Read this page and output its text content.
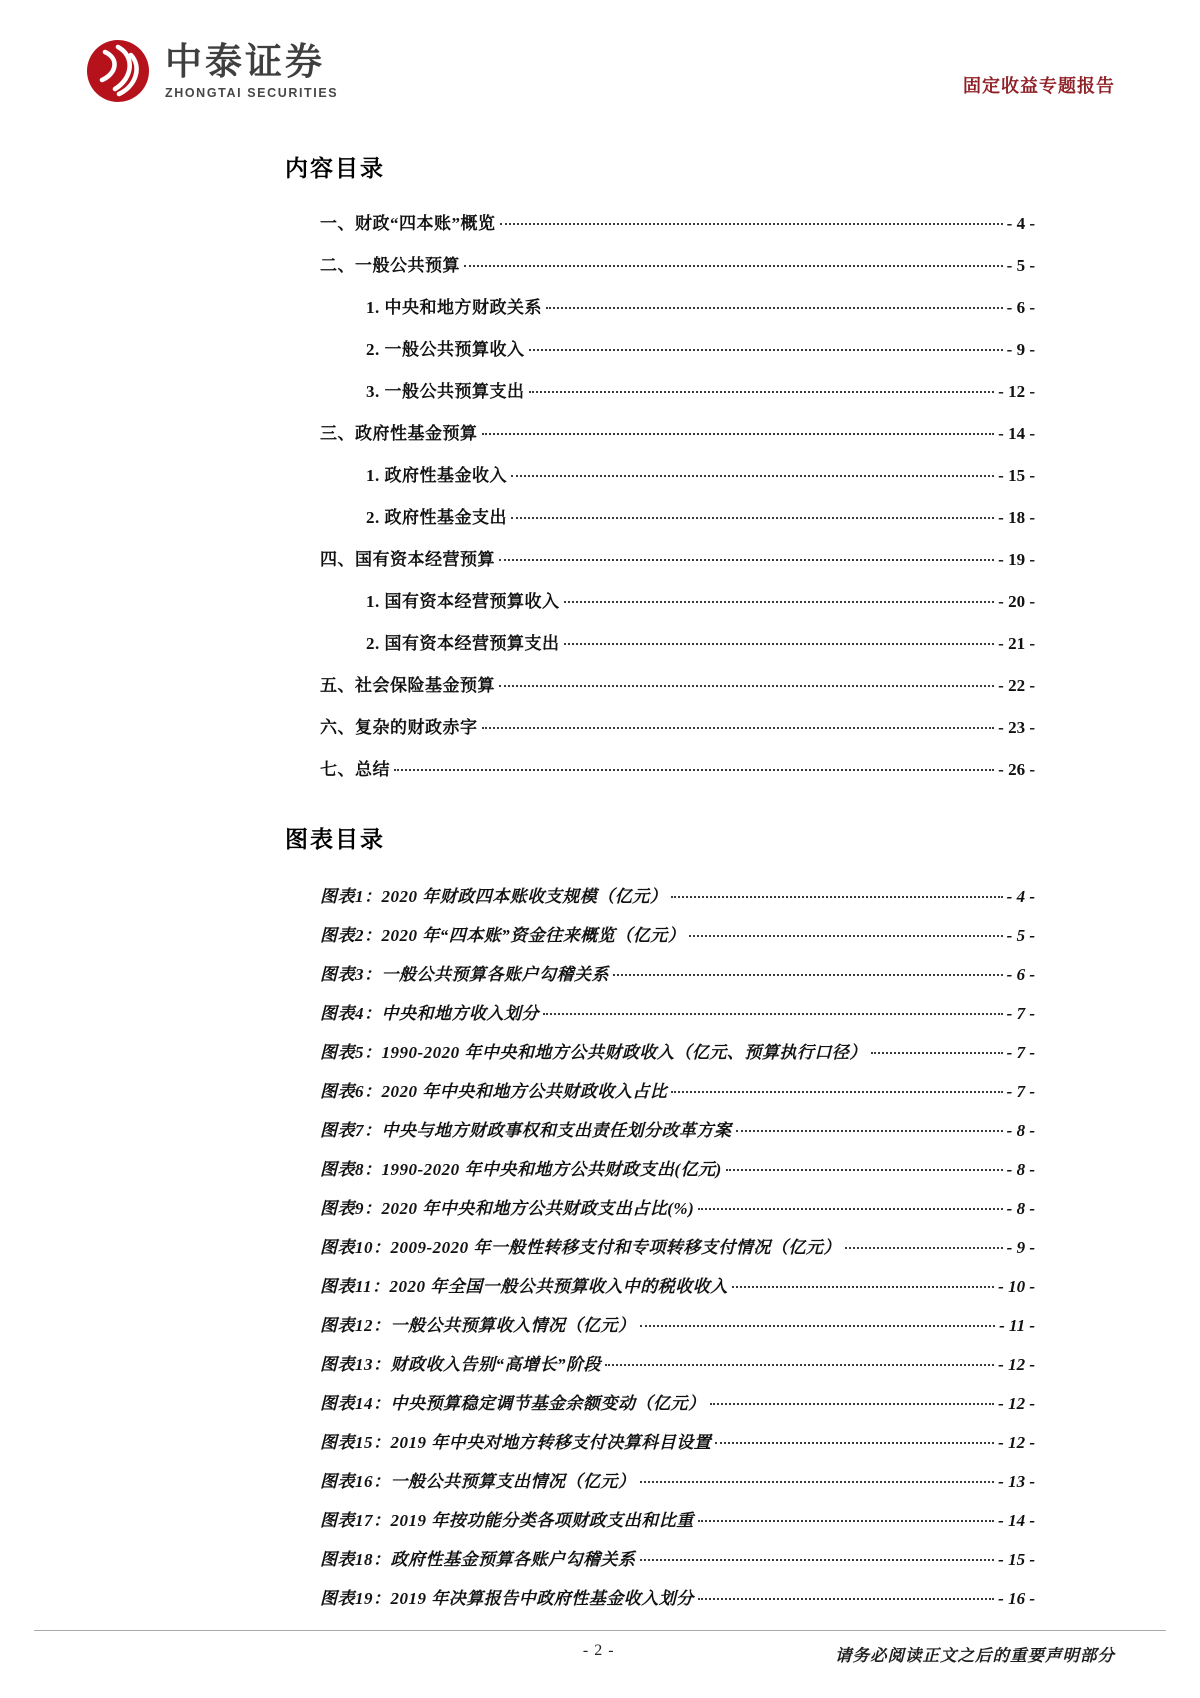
中泰证券
ZHONGTAI SECURITIES	固定收益专题报告
内容目录
一、财政“四本账”概览	- 4 -
二、一般公共预算	- 5 -
1. 中央和地方财政关系	- 6 -
2. 一般公共预算收入	- 9 -
3. 一般公共预算支出	- 12 -
三、政府性基金预算	- 14 -
1. 政府性基金收入	- 15 -
2. 政府性基金支出	- 18 -
四、国有资本经营预算	- 19 -
1. 国有资本经营预算收入	- 20 -
2. 国有资本经营预算支出	- 21 -
五、社会保险基金预算	- 22 -
六、复杂的财政赤字	- 23 -
七、总结	- 26 -
图表目录
图表1：2020 年财政四本账收支规模（亿元）	- 4 -
图表2：2020 年“四本账”资金往来概览（亿元）	- 5 -
图表3：一般公共预算各账户勾稽关系	- 6 -
图表4：中央和地方收入划分	- 7 -
图表5：1990-2020 年中央和地方公共财政收入（亿元、预算执行口径）	- 7 -
图表6：2020 年中央和地方公共财政收入占比	- 7 -
图表7：中央与地方财政事权和支出责任划分改革方案	- 8 -
图表8：1990-2020 年中央和地方公共财政支出(亿元)	- 8 -
图表9：2020 年中央和地方公共财政支出占比(%)	- 8 -
图表10：2009-2020 年一般性转移支付和专项转移支付情况（亿元）	- 9 -
图表11：2020 年全国一般公共预算收入中的税收收入	- 10 -
图表12：一般公共预算收入情况（亿元）	- 11 -
图表13：财政收入告别“高增长”阶段	- 12 -
图表14：中央预算稳定调节基金余额变动（亿元）	- 12 -
图表15：2019 年中央对地方转移支付决算科目设置	- 12 -
图表16：一般公共预算支出情况（亿元）	- 13 -
图表17：2019 年按功能分类各项财政支出和比重	- 14 -
图表18：政府性基金预算各账户勾稽关系	- 15 -
图表19：2019 年决算报告中政府性基金收入划分	- 16 -
- 2 -	请务必阅读正文之后的重要声明部分
